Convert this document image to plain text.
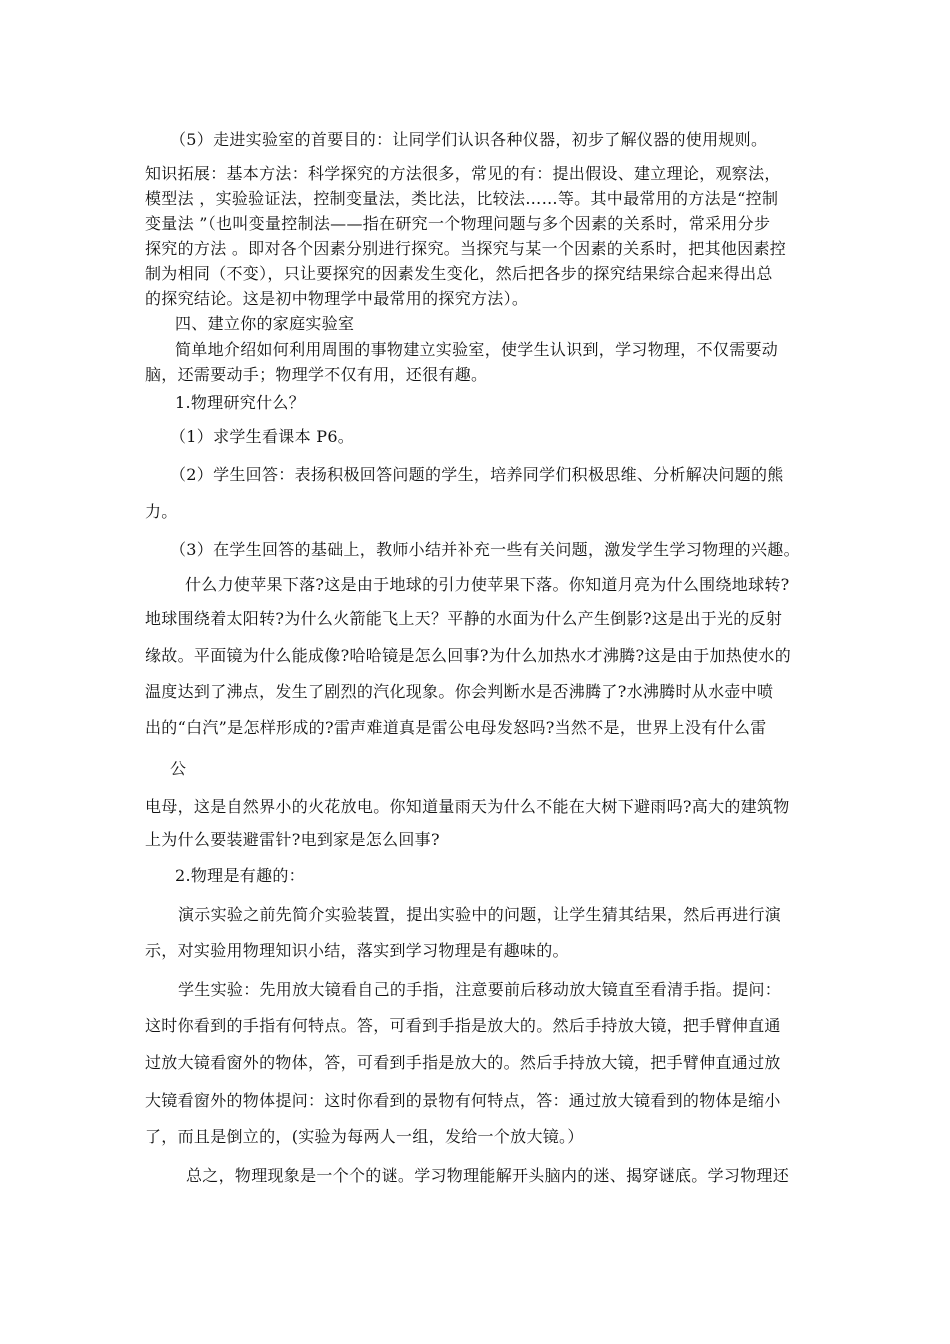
（5）走进实验室的首要目的：让同学们认识各种仪器，初步了解仪器的使用规则。
知识拓展：基本方法：科学探究的方法很多，常见的有：提出假设、建立理论，观察法，
模型法 ，实验验证法，控制变量法，类比法，比较法……等。其中最常用的方法是“控制
变量法 ”（也叫变量控制法——指在研究一个物理问题与多个因素的关系时，常采用分步
探究的方法 。即对各个因素分别进行探究。当探究与某一个因素的关系时，把其他因素控
制为相同（不变），只让要探究的因素发生变化，然后把各步的探究结果综合起来得出总
的探究结论。这是初中物理学中最常用的探究方法）。
四、建立你的家庭实验室
简单地介绍如何利用周围的事物建立实验室，使学生认识到，学习物理，不仅需要动
脑，还需要动手；物理学不仅有用，还很有趣。
1.物理研究什么？
（1）求学生看课本 P6。
（2）学生回答：表扬积极回答问题的学生，培养同学们积极思维、分析解决问题的熊
力。
（3）在学生回答的基础上，教师小结并补充一些有关问题，激发学生学习物理的兴趣。
什么力使苹果下落?这是由于地球的引力使苹果下落。你知道月亮为什么围绕地球转?
地球围绕着太阳转?为什么火箭能飞上天？平静的水面为什么产生倒影?这是出于光的反射
缘故。平面镜为什么能成像?哈哈镜是怎么回事?为什么加热水才沸腾?这是由于加热使水的
温度达到了沸点，发生了剧烈的汽化现象。你会判断水是否沸腾了?水沸腾时从水壶中喷
出的“白汽”是怎样形成的?雷声难道真是雷公电母发怒吗?当然不是，世界上没有什么雷
公
电母，这是自然界小的火花放电。你知道量雨天为什么不能在大树下避雨吗?高大的建筑物
上为什么要装避雷针?电到家是怎么回事?
2.物理是有趣的：
演示实验之前先简介实验装置，提出实验中的问题，让学生猜其结果，然后再进行演
示，对实验用物理知识小结，落实到学习物理是有趣味的。
学生实验：先用放大镜看自己的手指，注意要前后移动放大镜直至看清手指。提问：
这时你看到的手指有何特点。答，可看到手指是放大的。然后手持放大镜，把手臂伸直通
过放大镜看窗外的物体，答，可看到手指是放大的。然后手持放大镜，把手臂伸直通过放
大镜看窗外的物体提问：这时你看到的景物有何特点，答：通过放大镜看到的物体是缩小
了，而且是倒立的，(实验为每两人一组，发给一个放大镜。）
总之，物理现象是一个个的谜。学习物理能解开头脑内的迷、揭穿谜底。学习物理还
